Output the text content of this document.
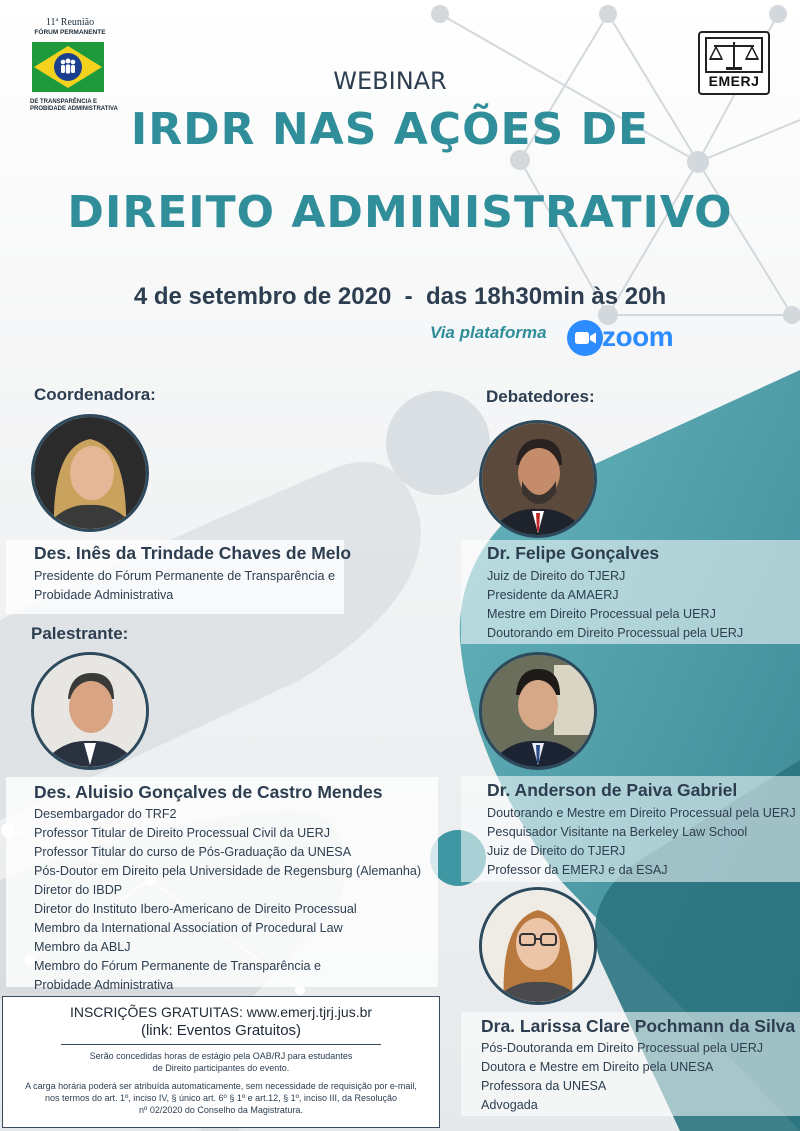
11ª Reunião
FÓRUM PERMANENTE
DE TRANSPARÊNCIA E
PROBIDADE ADMINISTRATIVA
EMERJ
WEBINAR
IRDR NAS AÇÕES DE
DIREITO ADMINISTRATIVO
4 de setembro de 2020  -  das 18h30min às 20h
Via plataforma zoom
Coordenadora:
Des. Inês da Trindade Chaves de Melo
Presidente do Fórum Permanente de Transparência e
Probidade Administrativa
Palestrante:
Des. Aluisio Gonçalves de Castro Mendes
Desembargador do TRF2
Professor Titular de Direito Processual Civil da UERJ
Professor Titular do curso de Pós-Graduação da UNESA
Pós-Doutor em Direito pela Universidade de Regensburg (Alemanha)
Diretor do IBDP
Diretor do Instituto Ibero-Americano de Direito Processual
Membro da International Association of Procedural Law
Membro da ABLJ
Membro do Fórum Permanente de Transparência e
Probidade Administrativa
Debatedores:
Dr. Felipe Gonçalves
Juiz de Direito do TJERJ
Presidente da AMAERJ
Mestre em Direito Processual pela UERJ
Doutorando em Direito Processual pela UERJ
Dr. Anderson de Paiva Gabriel
Doutorando e Mestre em Direito Processual pela UERJ
Pesquisador Visitante na Berkeley Law School
Juiz de Direito do TJERJ
Professor da EMERJ e da ESAJ
Dra. Larissa Clare Pochmann da Silva
Pós-Doutoranda em Direito Processual pela UERJ
Doutora e Mestre em Direito pela UNESA
Professora da UNESA
Advogada
INSCRIÇÕES GRATUITAS: www.emerj.tjrj.jus.br
(link: Eventos Gratuitos)
Serão concedidas horas de estágio pela OAB/RJ para estudantes
de Direito participantes do evento.
A carga horária poderá ser atribuída automaticamente, sem necessidade de requisição por e-mail,
nos termos do art. 1º, inciso IV, § único art. 6º § 1º e art.12, § 1º, inciso III, da Resolução
nº 02/2020 do Conselho da Magistratura.
